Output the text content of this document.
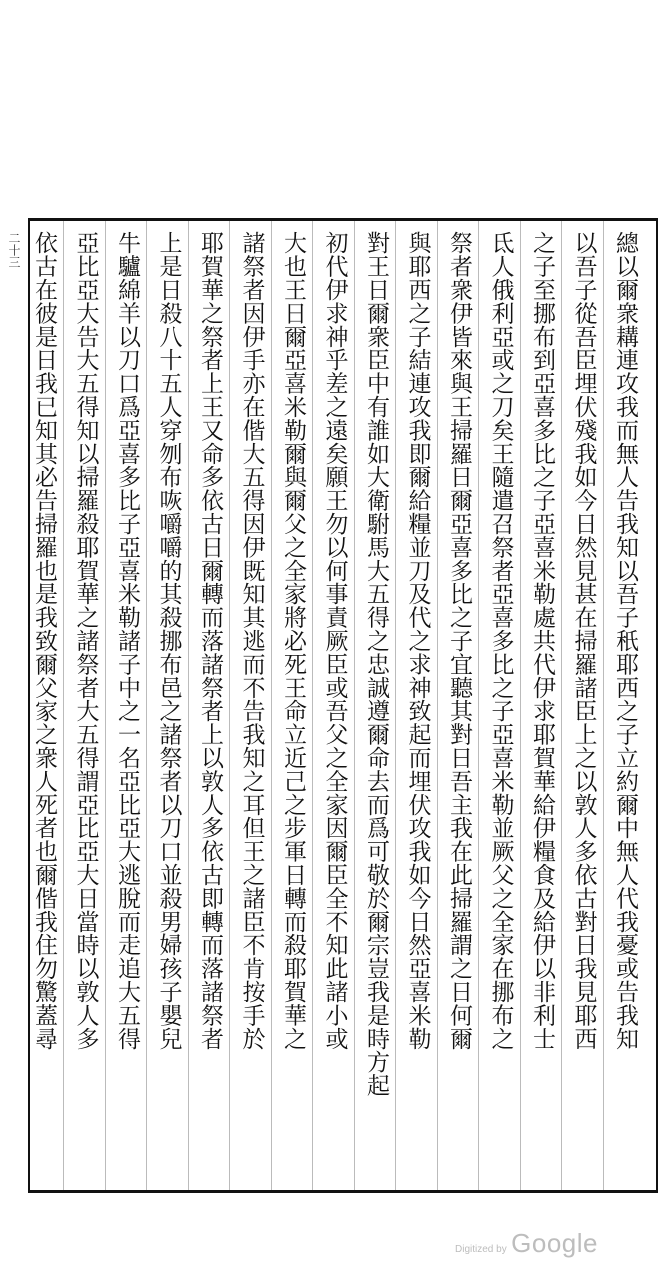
總以爾衆耩連攻我而無人告我知以吾子秖耶西之子立約爾中無人代我憂或告我知
以吾子從吾臣埋伏殘我如今日然見甚在掃羅諸臣上之以敦人多依古對日我見耶西
之子至挪布到亞喜多比之子亞喜米勒處共代伊求耶賀華給伊糧食及給伊以非利士
氐人俄利亞或之刀矣王隨遣召祭者亞喜多比之子亞喜米勒並厥父之全家在挪布之
祭者衆伊皆來與王掃羅日爾亞喜多比之子宜聽其對日吾主我在此掃羅謂之日何爾
與耶西之子結連攻我即爾給糧並刀及代之求神致起而埋伏攻我如今日然亞喜米勒
對王日爾衆臣中有誰如大衛駙馬大五得之忠誠遵爾命去而爲可敬於爾宗豈我是時方起
初代伊求神乎差之遠矣願王勿以何事責厥臣或吾父之全家因爾臣全不知此諸小或
大也王日爾亞喜米勒爾與爾父之全家將必死王命立近己之步軍日轉而殺耶賀華之
諸祭者因伊手亦在偕大五得因伊既知其逃而不告我知之耳但王之諸臣不肯按手於
耶賀華之祭者上王又命多依古日爾轉而落諸祭者上以敦人多依古即轉而落諸祭者
上是日殺八十五人穿刎布咴嚼嚼的其殺挪布邑之諸祭者以刀口並殺男婦孩子嬰兒
牛驢綿羊以刀口爲亞喜多比子亞喜米勒諸子中之一名亞比亞大逃脫而走追大五得
亞比亞大告大五得知以掃羅殺耶賀華之諸祭者大五得謂亞比亞大日當時以敦人多
依古在彼是日我已知其必告掃羅也是我致爾父家之衆人死者也爾偕我住勿驚蓋尋
二十三
Digitized by Google
